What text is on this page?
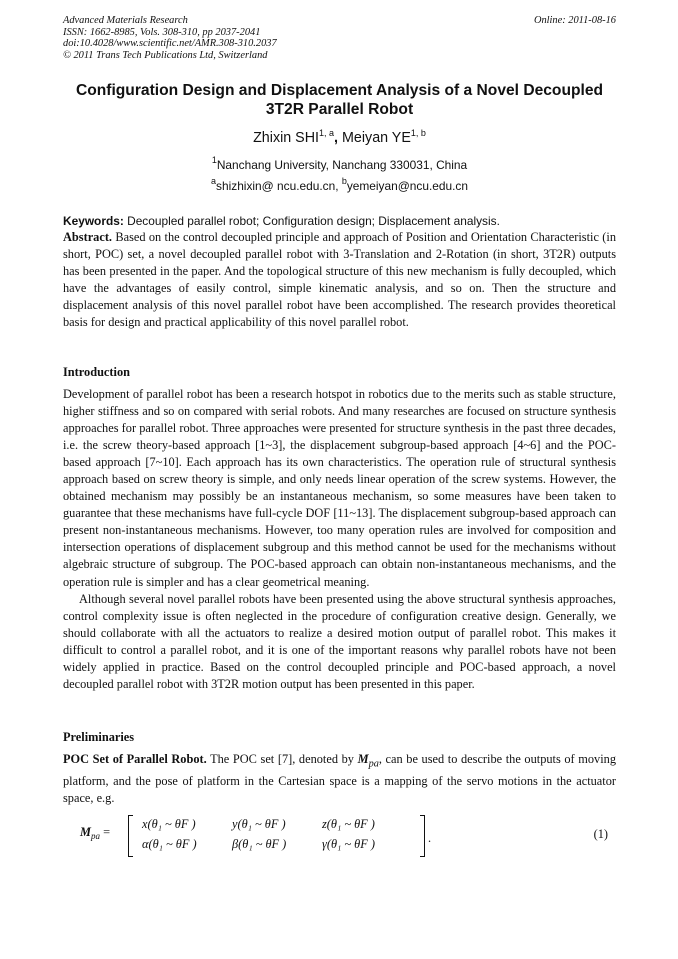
Advanced Materials Research
ISSN: 1662-8985, Vols. 308-310, pp 2037-2041
doi:10.4028/www.scientific.net/AMR.308-310.2037
© 2011 Trans Tech Publications Ltd, Switzerland
Online: 2011-08-16
Configuration Design and Displacement Analysis of a Novel Decoupled 3T2R Parallel Robot
Zhixin SHI$^{1, a}$, Meiyan YE$^{1, b}$
$^1$Nanchang University, Nanchang 330031, China
$^a$shizhixin@ ncu.edu.cn, $^b$yemeiyan@ncu.edu.cn
Keywords: Decoupled parallel robot; Configuration design; Displacement analysis.

Abstract. Based on the control decoupled principle and approach of Position and Orientation Characteristic (in short, POC) set, a novel decoupled parallel robot with 3-Translation and 2-Rotation (in short, 3T2R) outputs has been presented in the paper. And the topological structure of this new mechanism is fully decoupled, which have the advantages of easily control, simple kinematic analysis, and so on. Then the structure and displacement analysis of this novel parallel robot have been accomplished. The research provides theoretical basis for design and practical applicability of this novel parallel robot.

Introduction

Development of parallel robot has been a research hotspot in robotics due to the merits such as stable structure, higher stiffness and so on compared with serial robots. And many researches are focused on structure synthesis approaches for parallel robot. Three approaches were presented for structure synthesis in the past three decades, i.e. the screw theory-based approach [1~3], the displacement subgroup-based approach [4~6] and the POC-based approach [7~10]. Each approach has its own characteristics. The operation rule of structural synthesis approach based on screw theory is simple, and only needs linear operation of the screw systems. However, the obtained mechanism may possibly be an instantaneous mechanism, so some measures have been taken to guarantee that these mechanisms have full-cycle DOF [11~13]. The displacement subgroup-based approach can present non-instantaneous mechanisms. However, too many operation rules are involved for composition and intersection operations of displacement subgroup and this method cannot be used for the mechanisms without algebraic structure of subgroup. The POC-based approach can obtain non-instantaneous mechanisms, and the operation rule is simpler and has a clear geometrical meaning.

Although several novel parallel robots have been presented using the above structural synthesis approaches, control complexity issue is often neglected in the procedure of configuration creative design. Generally, we should collaborate with all the actuators to realize a desired motion output of parallel robot. This makes it difficult to control a parallel robot, and it is one of the important reasons why parallel robots have not been widely applied in practice. Based on the control decoupled principle and POC-based approach, a novel decoupled parallel robot with 3T2R motion output has been presented in this paper.

Preliminaries

POC Set of Parallel Robot. The POC set [7], denoted by $M_{pa}$, can be used to describe the outputs of moving platform, and the pose of platform in the Cartesian space is a mapping of the servo motions in the actuator space, e.g.

$M_{pa}$ =
x(θ₁ ~ θF )	y(θ₁ ~ θF )	z(θ₁ ~ θF )
α(θ₁ ~ θF )	β(θ₁ ~ θF )	γ(θ₁ ~ θF )	.	(1)
